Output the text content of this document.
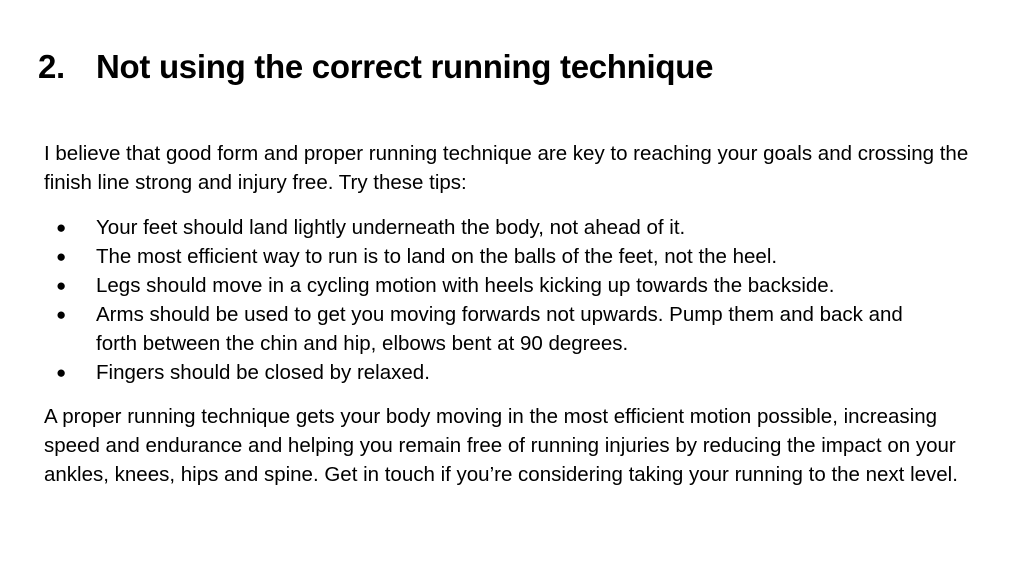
2. Not using the correct running technique

I believe that good form and proper running technique are key to reaching your goals and crossing the finish line strong and injury free. Try these tips:

●	Your feet should land lightly underneath the body, not ahead of it.
●	The most efficient way to run is to land on the balls of the feet, not the heel.
●	Legs should move in a cycling motion with heels kicking up towards the backside.
●	Arms should be used to get you moving forwards not upwards. Pump them and back and forth between the chin and hip, elbows bent at 90 degrees.
●	Fingers should be closed by relaxed.

A proper running technique gets your body moving in the most efficient motion possible, increasing speed and endurance and helping you remain free of running injuries by reducing the impact on your ankles, knees, hips and spine. Get in touch if you’re considering taking your running to the next level.
